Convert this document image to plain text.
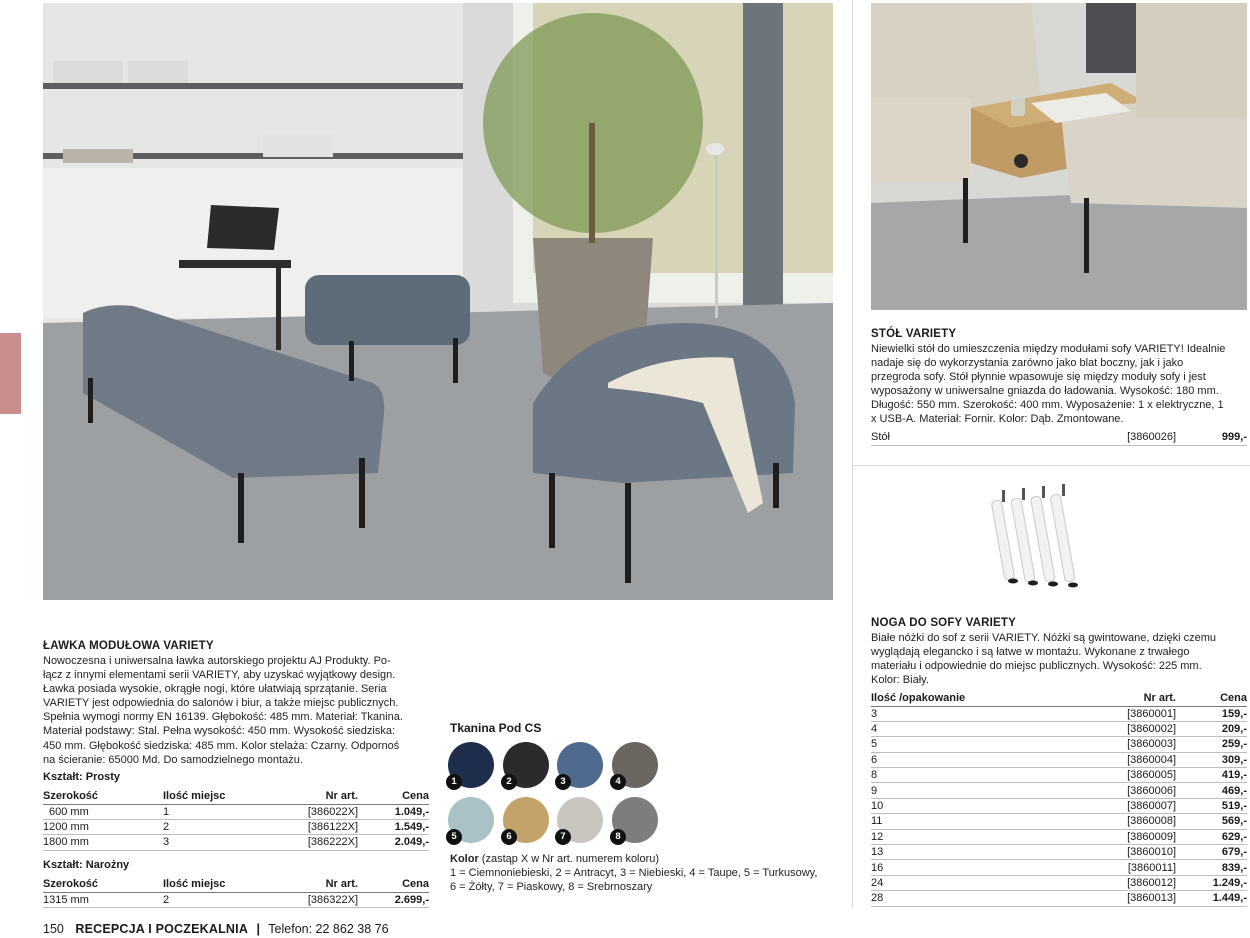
ŁAWKA MODUŁOWA VARIETY
Nowoczesna i uniwersalna ławka autorskiego projektu AJ Produkty. Po-
łącz z innymi elementami serii VARIETY, aby uzyskać wyjątkowy design.
Ławka posiada wysokie, okrągłe nogi, które ułatwiają sprzątanie. Seria
VARIETY jest odpowiednia do salonów i biur, a także miejsc publicznych.
Spełnia wymogi normy EN 16139. Głębokość: 485 mm. Materiał: Tkanina.
Materiał podstawy: Stal. Pełna wysokość: 450 mm. Wysokość siedziska:
450 mm. Głębokość siedziska: 485 mm. Kolor stelaża: Czarny. Odpornoś
na ścieranie: 65000 Md. Do samodzielnego montażu.
Kształt: Prosty
Szerokość	Ilość miejsc	Nr art.	Cena
600 mm	1	[386022X]	1.049,-
1200 mm	2	[386122X]	1.549,-
1800 mm	3	[386222X]	2.049,-
Kształt: Narożny
Szerokość	Ilość miejsc	Nr art.	Cena
1315 mm	2	[386322X]	2.699,-
Tkanina Pod CS
1	2	3	4
5	6	7	8
Kolor (zastąp X w Nr art. numerem koloru)
1 = Ciemnoniebieski, 2 = Antracyt, 3 = Niebieski, 4 = Taupe, 5 = Turkusowy,
6 = Żółty, 7 = Piaskowy, 8 = Srebrnoszary
STÓŁ VARIETY
Niewielki stół do umieszczenia między modułami sofy VARIETY! Idealnie
nadaje się do wykorzystania zarówno jako blat boczny, jak i jako
przegroda sofy. Stół płynnie wpasowuje się między moduły sofy i jest
wyposażony w uniwersalne gniazda do ładowania. Wysokość: 180 mm.
Długość: 550 mm. Szerokość: 400 mm. Wyposażenie: 1 x elektryczne, 1
x USB-A. Materiał: Fornir. Kolor: Dąb. Zmontowane.
Stół	[3860026]	999,-
NOGA DO SOFY VARIETY
Białe nóżki do sof z serii VARIETY. Nóżki są gwintowane, dzięki czemu
wyglądają elegancko i są łatwe w montażu. Wykonane z trwałego
materiału i odpowiednie do miejsc publicznych. Wysokość: 225 mm.
Kolor: Biały.
Ilość /opakowanie	Nr art.	Cena
3	[3860001]	159,-
4	[3860002]	209,-
5	[3860003]	259,-
6	[3860004]	309,-
8	[3860005]	419,-
9	[3860006]	469,-
10	[3860007]	519,-
11	[3860008]	569,-
12	[3860009]	629,-
13	[3860010]	679,-
16	[3860011]	839,-
24	[3860012]	1.249,-
28	[3860013]	1.449,-
150 RECEPCJA I POCZEKALNIA | Telefon: 22 862 38 76
